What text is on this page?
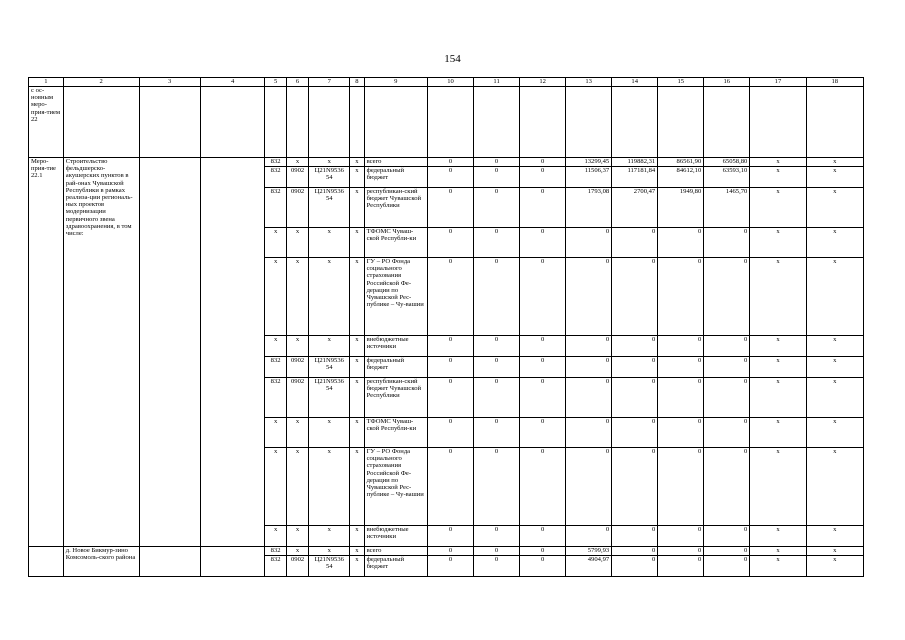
154
1	2	3	4	5	6	7	8	9	10	11	12	13	14	15	16	17	18
с ос-новным меро-прия-тием 22																	
Меро-прия-тие 22.1	Строительство фельдшерско-акушерских пунктов в рай-онах Чувашской Республики в рамках реализа-ции региональ-ных проектов модернизации первичного звена здравоохранения, в том числе:			832	х	х	х	всего	0	0	0	13299,45	119882,31	86561,90	65058,80	х	х
				832	0902	Ц21N9536 54	х	федеральный бюджет	0	0	0	11506,37	117181,84	84612,10	63593,10	х	х
				832	0902	Ц21N9536 54	х	республикан-ский бюджет Чувашской Республики	0	0	0	1793,08	2700,47	1949,80	1465,70	х	х
				х	х	х	х	ТФОМС Чуваш-ской Республи-ки	0	0	0	0	0	0	0	х	х
				х	х	х	х	ГУ – РО Фонда социального страхования Российской Фе-дерации по Чувашской Рес-публике – Чу-вашии	0	0	0	0	0	0	0	х	х
				х	х	х	х	внебюджетные источники	0	0	0	0	0	0	0	х	х
				832	0902	Ц21N9536 54	х	федеральный бюджет	0	0	0	0	0	0	0	х	х
				832	0902	Ц21N9536 54	х	республикан-ский бюджет Чувашской Республики	0	0	0	0	0	0	0	х	х
				х	х	х	х	ТФОМС Чуваш-ской Республи-ки	0	0	0	0	0	0	0	х	х
				х	х	х	х	ГУ – РО Фонда социального страхования Российской Фе-дерации по Чувашской Рес-публике – Чу-вашии	0	0	0	0	0	0	0	х	х
				х	х	х	х	внебюджетные источники	0	0	0	0	0	0	0	х	х
	д. Новое Бикмур-зино Комсомоль-ского района			832	х	х	х	всего	0	0	0	5799,93	0	0	0	х	х
				832	0902	Ц21N9536 54	х	федеральный бюджет	0	0	0	4904,97	0	0	0	х	х
